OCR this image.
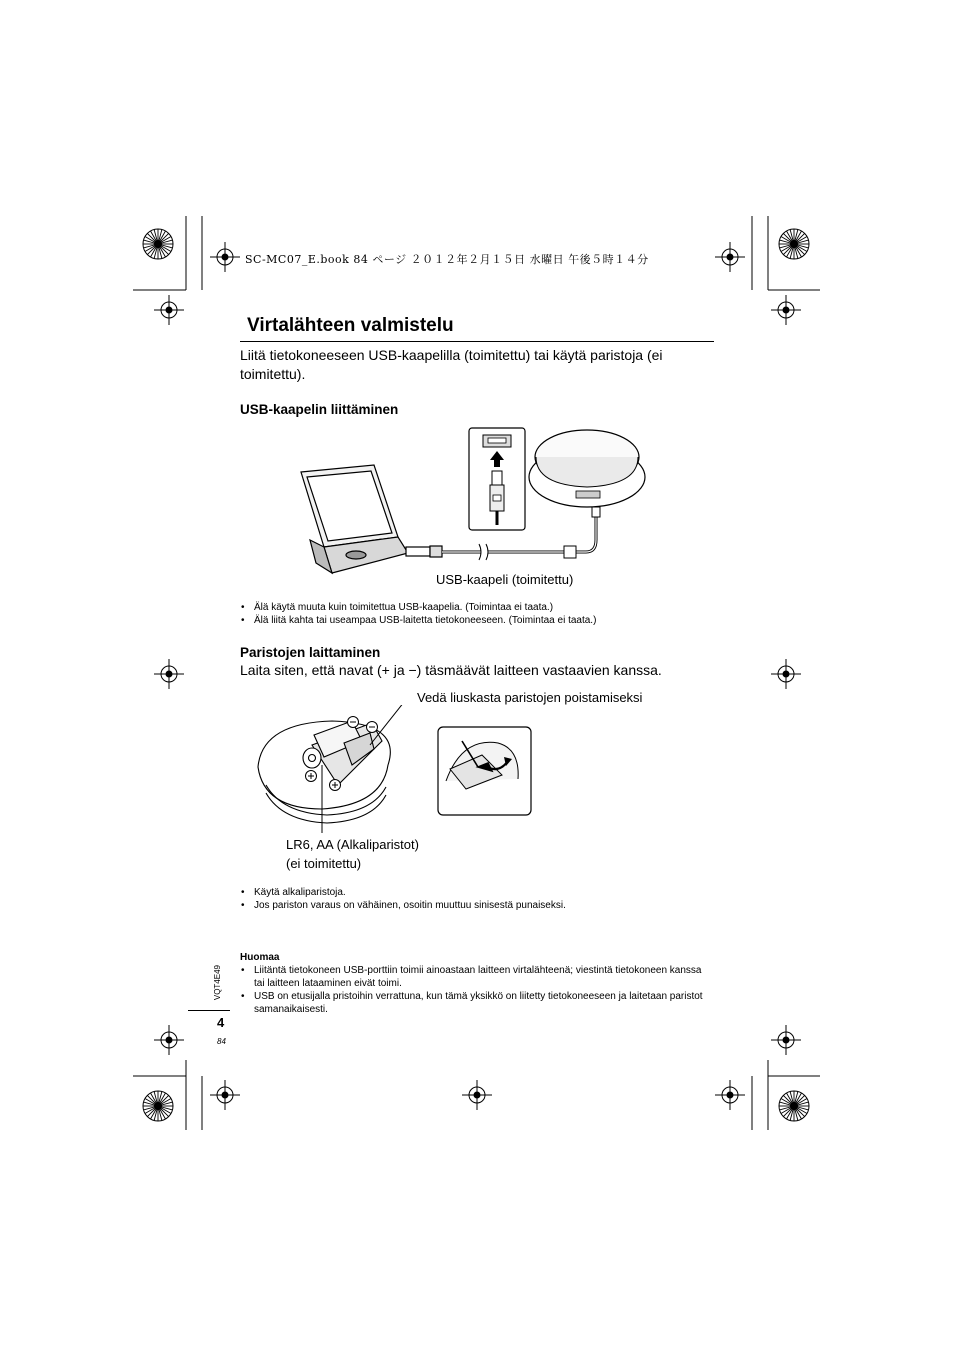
SC-MC07_E.book 84 ページ ２０１２年２月１５日 水曜日 午後５時１４分
Virtalähteen valmistelu
Liitä tietokoneeseen USB-kaapelilla (toimitettu) tai käytä paristoja (ei toimitettu).
USB-kaapelin liittäminen
USB-kaapeli (toimitettu)
• Älä käytä muuta kuin toimitettua USB-kaapelia. (Toimintaa ei taata.)
• Älä liitä kahta tai useampaa USB-laitetta tietokoneeseen. (Toimintaa ei taata.)
Paristojen laittaminen
Laita siten, että navat (+ ja −) täsmäävät laitteen vastaavien kanssa.
Vedä liuskasta paristojen poistamiseksi
LR6, AA (Alkaliparistot)
(ei toimitettu)
• Käytä alkaliparistoja.
• Jos pariston varaus on vähäinen, osoitin muuttuu sinisestä punaiseksi.
Huomaa
• Liitäntä tietokoneen USB-porttiin toimii ainoastaan laitteen virtalähteenä; viestintä tietokoneen kanssa tai laitteen lataaminen eivät toimi.
• USB on etusijalla pristoihin verrattuna, kun tämä yksikkö on liitetty tietokoneeseen ja laitetaan paristot samanaikaisesti.
VQT4E49
4
84
